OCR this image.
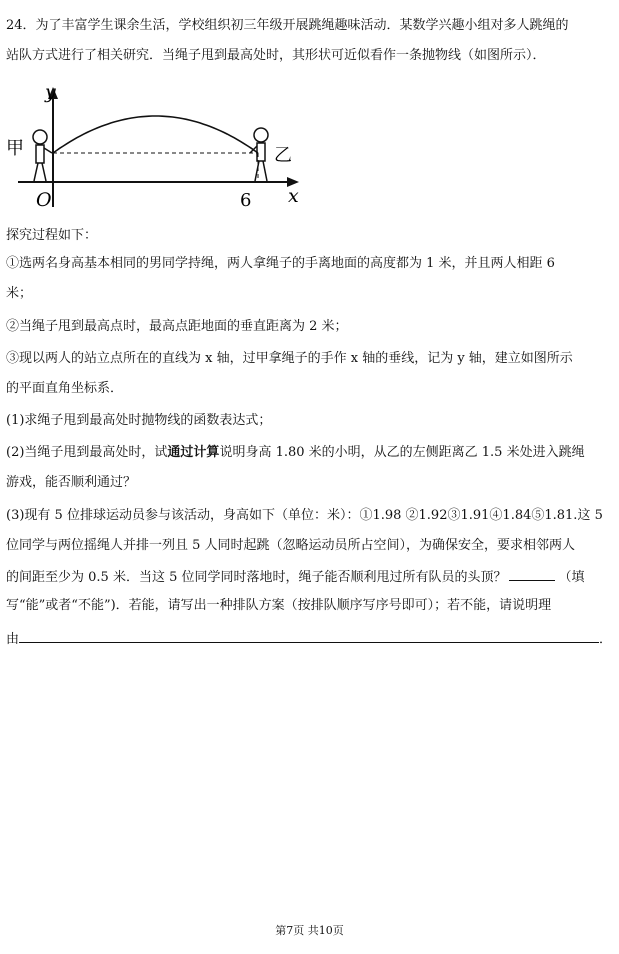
24．为了丰富学生课余生活，学校组织初三年级开展跳绳趣味活动．某数学兴趣小组对多人跳绳的
站队方式进行了相关研究．当绳子甩到最高处时，其形状可近似看作一条抛物线（如图所示）．
y
x
O	6
甲	乙
探究过程如下：
①选两名身高基本相同的男同学持绳，两人拿绳子的手离地面的高度都为 1 米，并且两人相距 6
米；
②当绳子甩到最高点时，最高点距地面的垂直距离为 2 米；
③现以两人的站立点所在的直线为 x 轴，过甲拿绳子的手作 x 轴的垂线，记为 y 轴，建立如图所示
的平面直角坐标系．
(1)求绳子甩到最高处时抛物线的函数表达式；
(2)当绳子甩到最高处时，试通过计算说明身高 1.80 米的小明，从乙的左侧距离乙 1.5 米处进入跳绳
游戏，能否顺利通过？
(3)现有 5 位排球运动员参与该活动，身高如下（单位：米）：①1.98 ②1.92③1.91④1.84⑤1.81.这 5
位同学与两位摇绳人并排一列且 5 人同时起跳（忽略运动员所占空间），为确保安全，要求相邻两人
的间距至少为 0.5 米．当这 5 位同学同时落地时，绳子能否顺利甩过所有队员的头顶？	（填
写“能”或者“不能”)．若能，请写出一种排队方案（按排队顺序写序号即可）；若不能，请说明理
由	．
第7页 共10页
